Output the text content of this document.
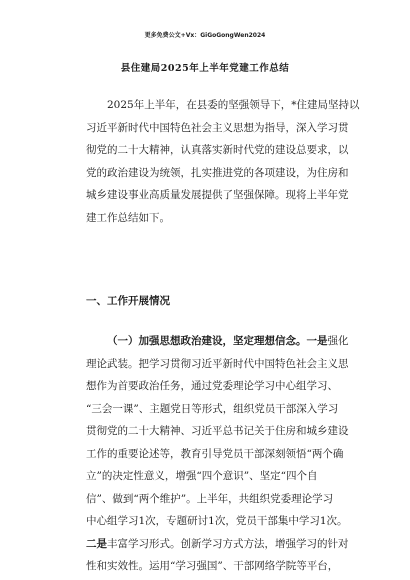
更多免费公文+Vx：GiGoGongWen2024
县住建局2025年上半年党建工作总结

2025年上半年，在县委的坚强领导下，*住建局坚持以
习近平新时代中国特色社会主义思想为指导，深入学习贯
彻党的二十大精神，认真落实新时代党的建设总要求，以
党的政治建设为统领，扎实推进党的各项建设，为住房和
城乡建设事业高质量发展提供了坚强保障。现将上半年党
建工作总结如下。

一、工作开展情况

（一）加强思想政治建设，坚定理想信念。一是强化
理论武装。把学习贯彻习近平新时代中国特色社会主义思
想作为首要政治任务，通过党委理论学习中心组学习、
“三会一课”、主题党日等形式，组织党员干部深入学习
贯彻党的二十大精神、习近平总书记关于住房和城乡建设
工作的重要论述等，教育引导党员干部深刻领悟“两个确
立”的决定性意义，增强“四个意识”、坚定“四个自
信”、做到“两个维护”。上半年，共组织党委理论学习
中心组学习1次，专题研讨1次，党员干部集中学习1次。
二是丰富学习形式。创新学习方式方法，增强学习的针对
性和实效性。运用“学习强国”、干部网络学院等平台，
